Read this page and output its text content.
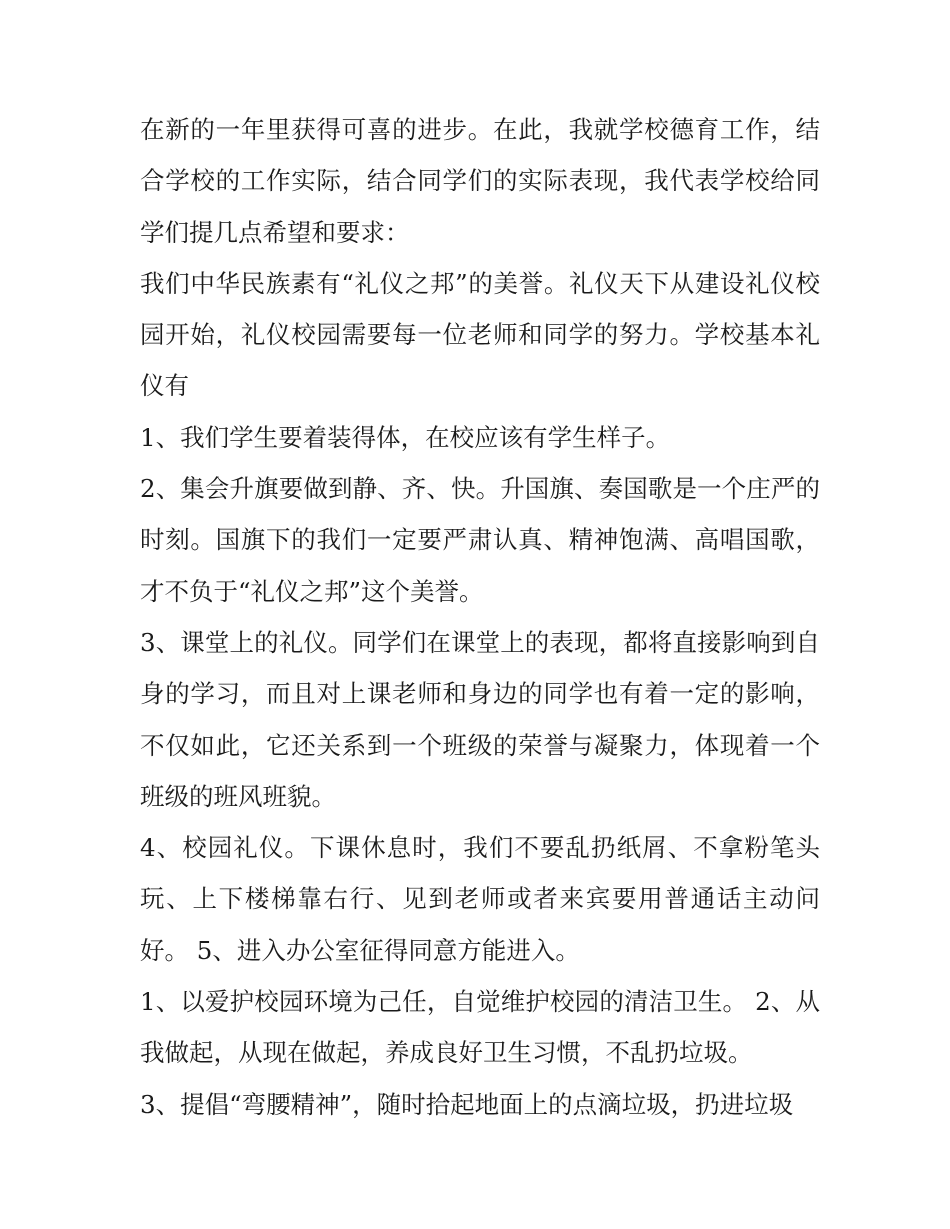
在新的一年里获得可喜的进步。在此，我就学校德育工作，结合学校的工作实际，结合同学们的实际表现，我代表学校给同学们提几点希望和要求：

我们中华民族素有“礼仪之邦”的美誉。礼仪天下从建设礼仪校园开始，礼仪校园需要每一位老师和同学的努力。学校基本礼仪有

1、我们学生要着装得体，在校应该有学生样子。

2、集会升旗要做到静、齐、快。升国旗、奏国歌是一个庄严的时刻。国旗下的我们一定要严肃认真、精神饱满、高唱国歌，才不负于“礼仪之邦”这个美誉。

3、课堂上的礼仪。同学们在课堂上的表现，都将直接影响到自身的学习，而且对上课老师和身边的同学也有着一定的影响，不仅如此，它还关系到一个班级的荣誉与凝聚力，体现着一个班级的班风班貌。

4、校园礼仪。下课休息时，我们不要乱扔纸屑、不拿粉笔头玩、上下楼梯靠右行、见到老师或者来宾要用普通话主动问好。 5、进入办公室征得同意方能进入。

1、以爱护校园环境为己任，自觉维护校园的清洁卫生。 2、从我做起，从现在做起，养成良好卫生习惯，不乱扔垃圾。

3、提倡“弯腰精神”，随时拾起地面上的点滴垃圾，扔进垃圾
